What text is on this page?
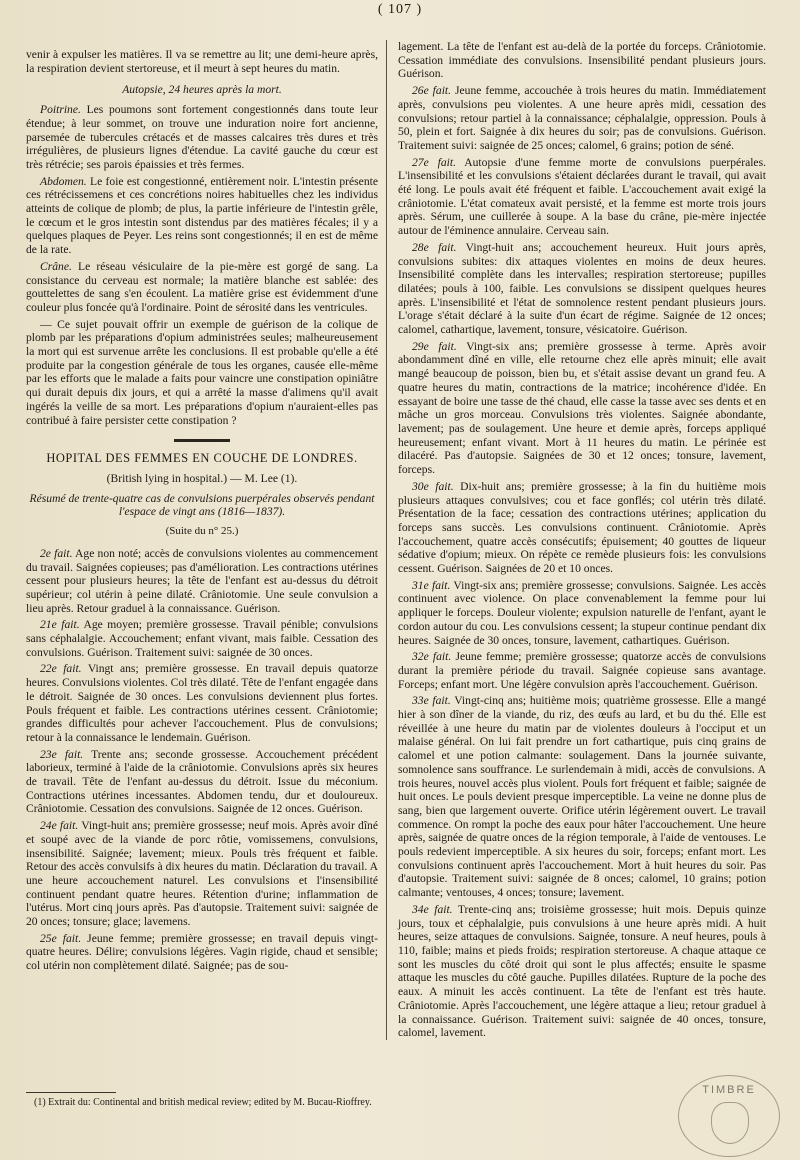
( 107 )

venir à expulser les matières. Il va se remettre au lit; une demi-heure après, la respiration devient stertoreuse, et il meurt à sept heures du matin.

Autopsie, 24 heures après la mort.

Poitrine. Les poumons sont fortement congestionnés dans toute leur étendue; à leur sommet, on trouve une induration noire fort ancienne, parsemée de tubercules crétacés et de masses calcaires très dures et très irrégulières, de plusieurs lignes d'étendue. La cavité gauche du cœur est très rétrécie; ses parois épaissies et très fermes.

Abdomen. Le foie est congestionné, entièrement noir. L'intestin présente ces rétrécissemens et ces concrétions noires habituelles chez les individus atteints de colique de plomb; de plus, la partie inférieure de l'intestin grêle, le cœcum et le gros intestin sont distendus par des matières fécales; il y a quelques plaques de Peyer. Les reins sont congestionnés; il en est de même de la rate.

Crâne. Le réseau vésiculaire de la pie-mère est gorgé de sang. La consistance du cerveau est normale; la matière blanche est sablée: des gouttelettes de sang s'en écoulent. La matière grise est évidemment d'une couleur plus foncée qu'à l'ordinaire. Point de sérosité dans les ventricules.

— Ce sujet pouvait offrir un exemple de guérison de la colique de plomb par les préparations d'opium administrées seules; malheureusement la mort qui est survenue arrête les conclusions. Il est probable qu'elle a été produite par la congestion générale de tous les organes, causée elle-même par les efforts que le malade a faits pour vaincre une constipation opiniâtre qui durait depuis dix jours, et qui a arrêté la masse d'alimens qu'il avait ingérés la veille de sa mort. Les préparations d'opium n'auraient-elles pas contribué à faire persister cette constipation ?

HOPITAL DES FEMMES EN COUCHE DE LONDRES.

(British lying in hospital.) — M. Lee (1).

Résumé de trente-quatre cas de convulsions puerpérales observés pendant l'espace de vingt ans (1816—1837).

(Suite du n° 25.)

2e fait. Age non noté; accès de convulsions violentes au commencement du travail. Saignées copieuses; pas d'amélioration. Les contractions utérines cessent pour plusieurs heures; la tête de l'enfant est au-dessus du détroit supérieur; col utérin à peine dilaté. Crâniotomie. Une seule convulsion a lieu après. Retour graduel à la connaissance. Guérison.

21e fait. Age moyen; première grossesse. Travail pénible; convulsions sans céphalalgie. Accouchement; enfant vivant, mais faible. Cessation des convulsions. Guérison. Traitement suivi: saignée de 30 onces.

22e fait. Vingt ans; première grossesse. En travail depuis quatorze heures. Convulsions violentes. Col très dilaté. Tête de l'enfant engagée dans le détroit. Saignée de 30 onces. Les convulsions deviennent plus fortes. Pouls fréquent et faible. Les contractions utérines cessent. Crâniotomie; grandes difficultés pour achever l'accouchement. Plus de convulsions; retour à la connaissance le lendemain. Guérison.

23e fait. Trente ans; seconde grossesse. Accouchement précédent laborieux, terminé à l'aide de la crâniotomie. Convulsions après six heures de travail. Tête de l'enfant au-dessus du détroit. Issue du méconium. Contractions utérines incessantes. Abdomen tendu, dur et douloureux. Crâniotomie. Cessation des convulsions. Saignée de 12 onces. Guérison.

24e fait. Vingt-huit ans; première grossesse; neuf mois. Après avoir dîné et soupé avec de la viande de porc rôtie, vomissemens, convulsions, insensibilité. Saignée; lavement; mieux. Pouls très fréquent et faible. Retour des accès convulsifs à dix heures du matin. Déclaration du travail. A une heure accouchement naturel. Les convulsions et l'insensibilité continuent pendant quatre heures. Rétention d'urine; inflammation de l'utérus. Mort cinq jours après. Pas d'autopsie. Traitement suivi: saignée de 20 onces; tonsure; glace; lavemens.

25e fait. Jeune femme; première grossesse; en travail depuis vingt-quatre heures. Délire; convulsions légères. Vagin rigide, chaud et sensible; col utérin non complètement dilaté. Saignée; pas de sou-

(1) Extrait du: Continental and british medical review; edited by M. Bucau-Rioffrey.

lagement. La tête de l'enfant est au-delà de la portée du forceps. Crâniotomie. Cessation immédiate des convulsions. Insensibilité pendant plusieurs jours. Guérison.

26e fait. Jeune femme, accouchée à trois heures du matin. Immédiatement après, convulsions peu violentes. A une heure après midi, cessation des convulsions; retour partiel à la connaissance; céphalalgie, oppression. Pouls à 50, plein et fort. Saignée à dix heures du soir; pas de convulsions. Guérison. Traitement suivi: saignée de 25 onces; calomel, 6 grains; potion de séné.

27e fait. Autopsie d'une femme morte de convulsions puerpérales. L'insensibilité et les convulsions s'étaient déclarées durant le travail, qui avait été long. Le pouls avait été fréquent et faible. L'accouchement avait exigé la crâniotomie. L'état comateux avait persisté, et la femme est morte trois jours après. Sérum, une cuillerée à soupe. A la base du crâne, pie-mère injectée autour de l'éminence annulaire. Cerveau sain.

28e fait. Vingt-huit ans; accouchement heureux. Huit jours après, convulsions subites: dix attaques violentes en moins de deux heures. Insensibilité complète dans les intervalles; respiration stertoreuse; pupilles dilatées; pouls à 100, faible. Les convulsions se dissipent quelques heures après. L'insensibilité et l'état de somnolence restent pendant plusieurs jours. L'orage s'était déclaré à la suite d'un écart de régime. Saignée de 12 onces; calomel, cathartique, lavement, tonsure, vésicatoire. Guérison.

29e fait. Vingt-six ans; première grossesse à terme. Après avoir abondamment dîné en ville, elle retourne chez elle après minuit; elle avait mangé beaucoup de poisson, bien bu, et s'était assise devant un grand feu. A quatre heures du matin, contractions de la matrice; incohérence d'idée. En essayant de boire une tasse de thé chaud, elle casse la tasse avec ses dents et en mâche un gros morceau. Convulsions très violentes. Saignée abondante, lavement; pas de soulagement. Une heure et demie après, forceps appliqué heureusement; enfant vivant. Mort à 11 heures du matin. Le périnée est dilacéré. Pas d'autopsie. Saignées de 30 et 12 onces; tonsure, lavement, forceps.

30e fait. Dix-huit ans; première grossesse; à la fin du huitième mois plusieurs attaques convulsives; cou et face gonflés; col utérin très dilaté. Présentation de la face; cessation des contractions utérines; application du forceps sans succès. Les convulsions continuent. Crâniotomie. Après l'accouchement, quatre accès consécutifs; épuisement; 40 gouttes de liqueur sédative d'opium; mieux. On répète ce remède plusieurs fois: les convulsions cessent. Guérison. Saignées de 20 et 10 onces.

31e fait. Vingt-six ans; première grossesse; convulsions. Saignée. Les accès continuent avec violence. On place convenablement la femme pour lui appliquer le forceps. Douleur violente; expulsion naturelle de l'enfant, ayant le cordon autour du cou. Les convulsions cessent; la stupeur continue pendant dix heures. Saignée de 30 onces, tonsure, lavement, cathartiques. Guérison.

32e fait. Jeune femme; première grossesse; quatorze accès de convulsions durant la première période du travail. Saignée copieuse sans avantage. Forceps; enfant mort. Une légère convulsion après l'accouchement. Guérison.

33e fait. Vingt-cinq ans; huitième mois; quatrième grossesse. Elle a mangé hier à son dîner de la viande, du riz, des œufs au lard, et bu du thé. Elle est réveillée à une heure du matin par de violentes douleurs à l'occiput et un malaise général. On lui fait prendre un fort cathartique, puis cinq grains de calomel et une potion calmante: soulagement. Dans la journée suivante, somnolence sans souffrance. Le surlendemain à midi, accès de convulsions. A trois heures, nouvel accès plus violent. Pouls fort fréquent et faible; saignée de huit onces. Le pouls devient presque imperceptible. La veine ne donne plus de sang, bien que largement ouverte. Orifice utérin légèrement ouvert. Le travail commence. On rompt la poche des eaux pour hâter l'accouchement. Une heure après, saignée de quatre onces de la région temporale, à l'aide de ventouses. Le pouls redevient imperceptible. A six heures du soir, forceps; enfant mort. Les convulsions continuent après l'accouchement. Mort à huit heures du soir. Pas d'autopsie. Traitement suivi: saignée de 8 onces; calomel, 10 grains; potion calmante; ventouses, 4 onces; tonsure; lavement.

34e fait. Trente-cinq ans; troisième grossesse; huit mois. Depuis quinze jours, toux et céphalalgie, puis convulsions à une heure après midi. A huit heures, seize attaques de convulsions. Saignée, tonsure. A neuf heures, pouls à 110, faible; mains et pieds froids; respiration stertoreuse. A chaque attaque ce sont les muscles du côté droit qui sont le plus affectés; ensuite le spasme attaque les muscles du côté gauche. Pupilles dilatées. Rupture de la poche des eaux. A minuit les accès continuent. La tête de l'enfant est très haute. Crâniotomie. Après l'accouchement, une légère attaque a lieu; retour graduel à la connaissance. Guérison. Traitement suivi: saignée de 40 onces, tonsure, calomel, lavement.

TIMBRE
